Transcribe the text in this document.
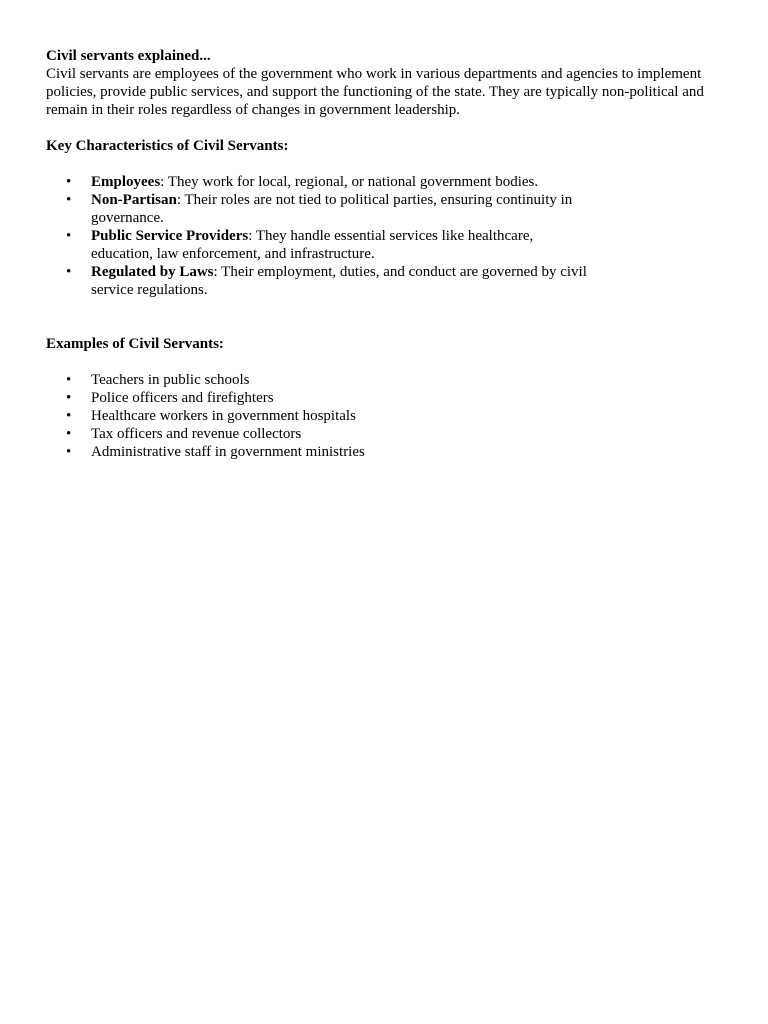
Civil servants explained...

Civil servants are employees of the government who work in various departments and agencies to implement policies, provide public services, and support the functioning of the state. They are typically non-political and remain in their roles regardless of changes in government leadership.

Key Characteristics of Civil Servants:

• Employees: They work for local, regional, or national government bodies.
• Non-Partisan: Their roles are not tied to political parties, ensuring continuity in governance.
• Public Service Providers: They handle essential services like healthcare, education, law enforcement, and infrastructure.
• Regulated by Laws: Their employment, duties, and conduct are governed by civil service regulations.

Examples of Civil Servants:

• Teachers in public schools
• Police officers and firefighters
• Healthcare workers in government hospitals
• Tax officers and revenue collectors
• Administrative staff in government ministries
